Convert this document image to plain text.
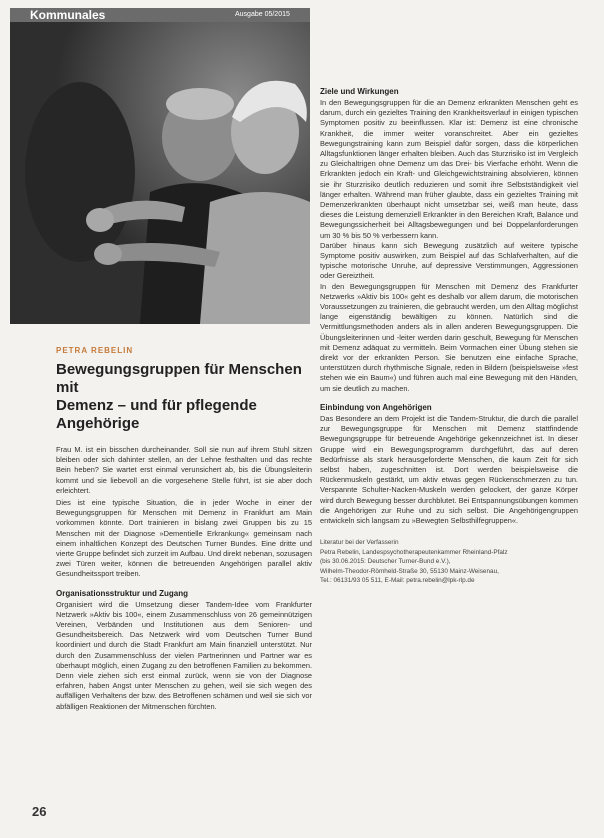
Kommunales	Ausgabe 05/2015
PETRA REBELIN
Bewegungsgruppen für Menschen mit
Demenz – und für pflegende Angehörige

Frau M. ist ein bisschen durcheinander. Soll sie nun auf ihrem Stuhl sitzen bleiben oder sich dahinter stellen, an der Lehne festhalten und das rechte Bein heben? Sie wartet erst einmal verunsichert ab, bis die Übungsleiterin kommt und sie liebevoll an die vorgesehene Stelle führt, ist sie aber doch erleichtert.

Dies ist eine typische Situation, die in jeder Woche in einer der Bewegungsgruppen für Menschen mit Demenz in Frankfurt am Main vorkommen könnte. Dort trainieren in bislang zwei Gruppen bis zu 15 Menschen mit der Diagnose »Dementielle Erkrankung« gemeinsam nach einem inhaltlichen Konzept des Deutschen Turner Bundes. Eine dritte und vierte Gruppe befindet sich zurzeit im Aufbau. Und direkt nebenan, sozusagen zwei Türen weiter, können die betreuenden Angehörigen parallel aktiv Gesundheitssport treiben.

Organisationsstruktur und Zugang

Organisiert wird die Umsetzung dieser Tandem-Idee vom Frankfurter Netzwerk »Aktiv bis 100«, einem Zusammenschluss von 26 gemeinnützigen Vereinen, Verbänden und Institutionen aus dem Senioren- und Gesundheitsbereich. Das Netzwerk wird vom Deutschen Turner Bund koordiniert und durch die Stadt Frankfurt am Main finanziell unterstützt. Nur durch den Zusammenschluss der vielen Partnerinnen und Partner war es überhaupt möglich, einen Zugang zu den betroffenen Familien zu bekommen. Denn viele ziehen sich erst einmal zurück, wenn sie von der Diagnose erfahren, haben Angst unter Menschen zu gehen, weil sie sich wegen des auffälligen Verhaltens der bzw. des Betroffenen schämen und weil sie sich vor abfälligen Reaktionen der Mitmenschen fürchten.

Ziele und Wirkungen

In den Bewegungsgruppen für die an Demenz erkrankten Menschen geht es darum, durch ein gezieltes Training den Krankheitsverlauf in einigen typischen Symptomen positiv zu beeinflussen. Klar ist: Demenz ist eine chronische Krankheit, die immer weiter voranschreitet. Aber ein gezieltes Bewegungstraining kann zum Beispiel dafür sorgen, dass die körperlichen Alltagsfunktionen länger erhalten bleiben. Auch das Sturzrisiko ist im Vergleich zu Gleichaltrigen ohne Demenz um das Drei- bis Vierfache erhöht. Wenn die Erkrankten jedoch ein Kraft- und Gleichgewichtstraining absolvieren, können sie ihr Sturzrisiko deutlich reduzieren und somit ihre Selbstständigkeit viel länger erhalten. Während man früher glaubte, dass ein gezieltes Training mit Demenzerkrankten überhaupt nicht umsetzbar sei, weiß man heute, dass dieses die Leistung demenziell Erkrankter in den Bereichen Kraft, Balance und Bewegungssicherheit bei Alltagsbewegungen und bei Doppelanforderungen um 30 % bis 50 % verbessern kann.

Darüber hinaus kann sich Bewegung zusätzlich auf weitere typische Symptome positiv auswirken, zum Beispiel auf das Schlafverhalten, auf die typische motorische Unruhe, auf depressive Verstimmungen, Aggressionen oder Gereiztheit.

In den Bewegungsgruppen für Menschen mit Demenz des Frankfurter Netzwerks »Aktiv bis 100« geht es deshalb vor allem darum, die motorischen Voraussetzungen zu trainieren, die gebraucht werden, um den Alltag möglichst lange eigenständig bewältigen zu können. Natürlich sind die Vermittlungsmethoden anders als in allen anderen Bewegungsgruppen. Die Übungsleiterinnen und -leiter werden darin geschult, Bewegung für Menschen mit Demenz adäquat zu vermitteln. Beim Vormachen einer Übung stehen sie direkt vor der erkrankten Person. Sie benutzen eine einfache Sprache, unterstützen durch rhythmische Signale, reden in Bildern (beispielsweise »fest stehen wie ein Baum«) und führen auch mal eine Bewegung mit den Händen, um sie deutlich zu machen.

Einbindung von Angehörigen

Das Besondere an dem Projekt ist die Tandem-Struktur, die durch die parallel zur Bewegungsgruppe für Menschen mit Demenz stattfindende Bewegungsgruppe für betreuende Angehörige gekennzeichnet ist. In dieser Gruppe wird ein Bewegungsprogramm durchgeführt, das auf deren Bedürfnisse als stark herausgeforderte Menschen, die kaum Zeit für sich selbst haben, zugeschnitten ist. Dort werden beispielsweise die Rückenmuskeln gestärkt, um aktiv etwas gegen Rückenschmerzen zu tun. Verspannte Schulter-Nacken-Muskeln werden gelockert, der ganze Körper wird durch Bewegung besser durchblutet. Bei Entspannungsübungen kommen die Angehörigen zur Ruhe und zu sich selbst. Die Angehörigengruppen entwickeln sich langsam zu »Bewegten Selbsthilfegruppen«.

Literatur bei der Verfasserin

Petra Rebelin, Landespsychotherapeutenkammer Rheinland-Pfalz

(bis 30.06.2015: Deutscher Turner-Bund e.V.),

Wilhelm-Theodor-Römheld-Straße 30, 55130 Mainz-Weisenau,

Tel.: 06131/93 05 511, E-Mail: petra.rebelin@lpk-rlp.de

26
